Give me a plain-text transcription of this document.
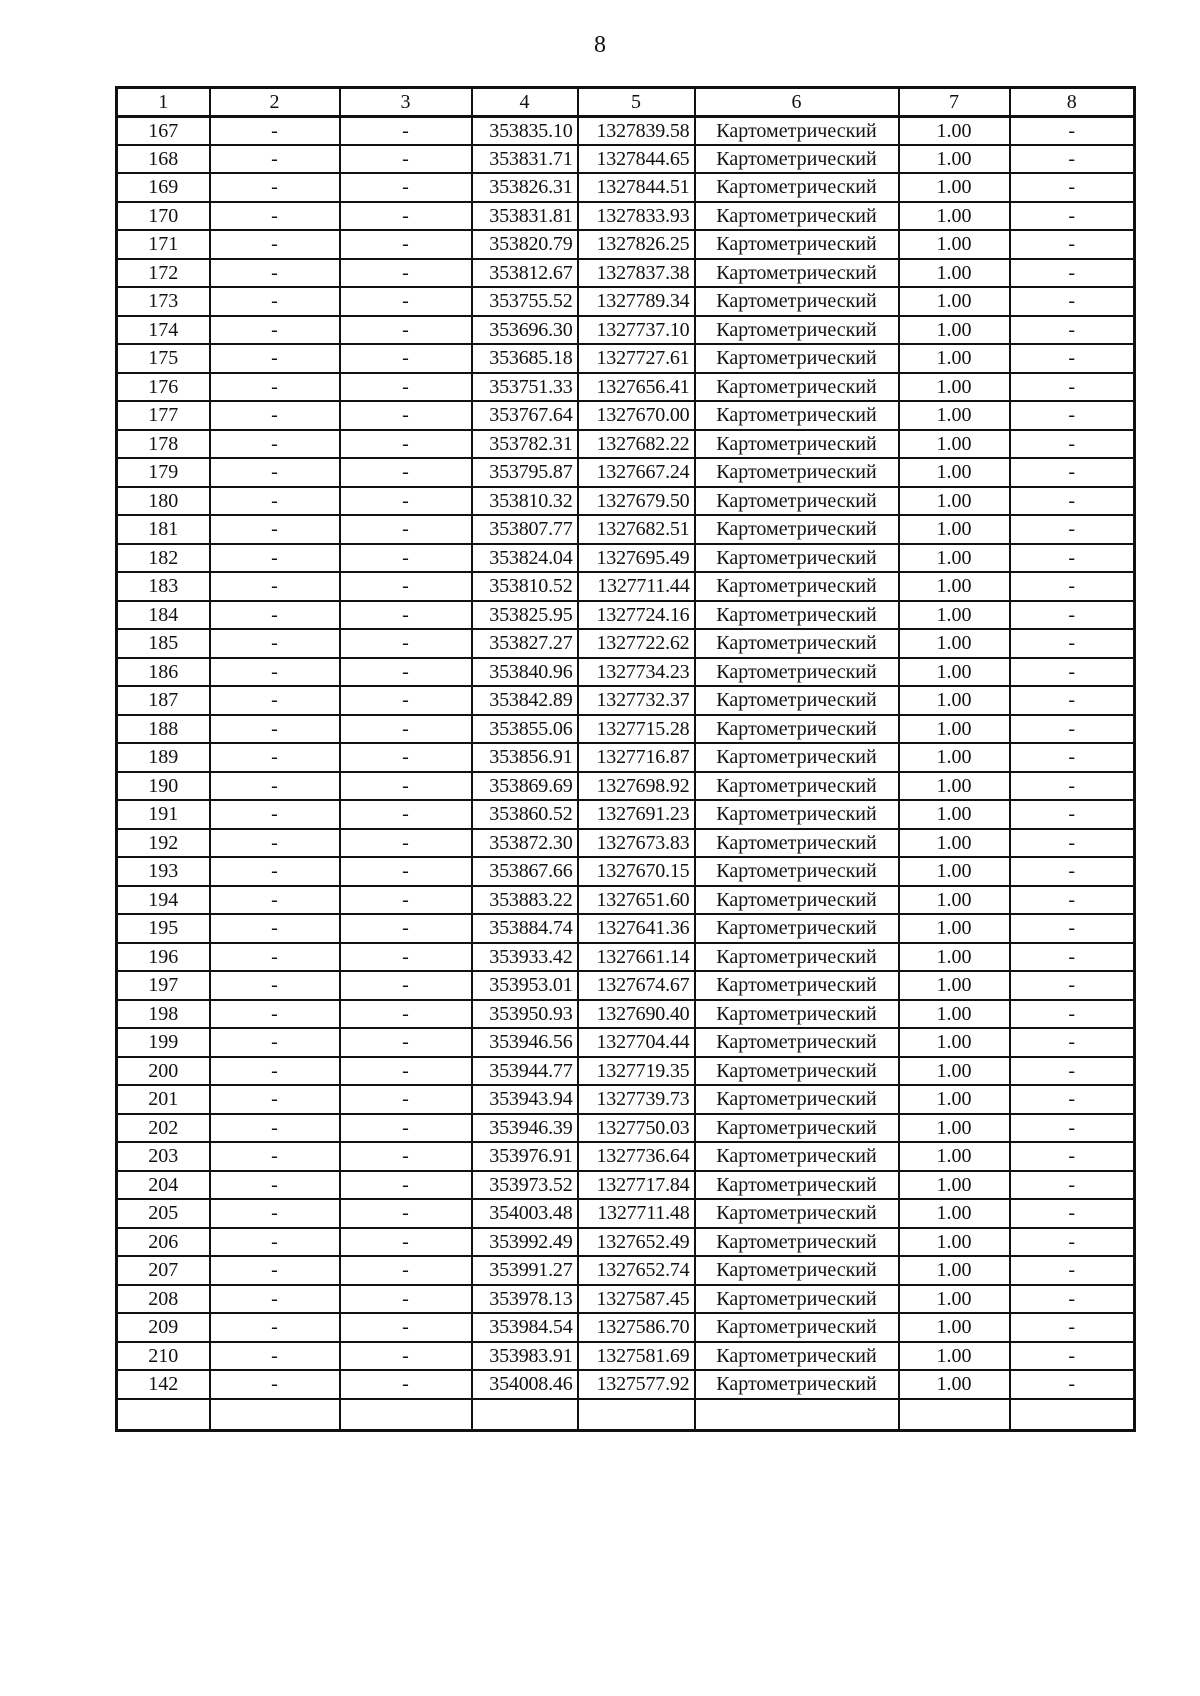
8
1	2	3	4	5	6	7	8
167	-	-	353835.10	1327839.58	Картометрический	1.00	-
168	-	-	353831.71	1327844.65	Картометрический	1.00	-
169	-	-	353826.31	1327844.51	Картометрический	1.00	-
170	-	-	353831.81	1327833.93	Картометрический	1.00	-
171	-	-	353820.79	1327826.25	Картометрический	1.00	-
172	-	-	353812.67	1327837.38	Картометрический	1.00	-
173	-	-	353755.52	1327789.34	Картометрический	1.00	-
174	-	-	353696.30	1327737.10	Картометрический	1.00	-
175	-	-	353685.18	1327727.61	Картометрический	1.00	-
176	-	-	353751.33	1327656.41	Картометрический	1.00	-
177	-	-	353767.64	1327670.00	Картометрический	1.00	-
178	-	-	353782.31	1327682.22	Картометрический	1.00	-
179	-	-	353795.87	1327667.24	Картометрический	1.00	-
180	-	-	353810.32	1327679.50	Картометрический	1.00	-
181	-	-	353807.77	1327682.51	Картометрический	1.00	-
182	-	-	353824.04	1327695.49	Картометрический	1.00	-
183	-	-	353810.52	1327711.44	Картометрический	1.00	-
184	-	-	353825.95	1327724.16	Картометрический	1.00	-
185	-	-	353827.27	1327722.62	Картометрический	1.00	-
186	-	-	353840.96	1327734.23	Картометрический	1.00	-
187	-	-	353842.89	1327732.37	Картометрический	1.00	-
188	-	-	353855.06	1327715.28	Картометрический	1.00	-
189	-	-	353856.91	1327716.87	Картометрический	1.00	-
190	-	-	353869.69	1327698.92	Картометрический	1.00	-
191	-	-	353860.52	1327691.23	Картометрический	1.00	-
192	-	-	353872.30	1327673.83	Картометрический	1.00	-
193	-	-	353867.66	1327670.15	Картометрический	1.00	-
194	-	-	353883.22	1327651.60	Картометрический	1.00	-
195	-	-	353884.74	1327641.36	Картометрический	1.00	-
196	-	-	353933.42	1327661.14	Картометрический	1.00	-
197	-	-	353953.01	1327674.67	Картометрический	1.00	-
198	-	-	353950.93	1327690.40	Картометрический	1.00	-
199	-	-	353946.56	1327704.44	Картометрический	1.00	-
200	-	-	353944.77	1327719.35	Картометрический	1.00	-
201	-	-	353943.94	1327739.73	Картометрический	1.00	-
202	-	-	353946.39	1327750.03	Картометрический	1.00	-
203	-	-	353976.91	1327736.64	Картометрический	1.00	-
204	-	-	353973.52	1327717.84	Картометрический	1.00	-
205	-	-	354003.48	1327711.48	Картометрический	1.00	-
206	-	-	353992.49	1327652.49	Картометрический	1.00	-
207	-	-	353991.27	1327652.74	Картометрический	1.00	-
208	-	-	353978.13	1327587.45	Картометрический	1.00	-
209	-	-	353984.54	1327586.70	Картометрический	1.00	-
210	-	-	353983.91	1327581.69	Картометрический	1.00	-
142	-	-	354008.46	1327577.92	Картометрический	1.00	-
